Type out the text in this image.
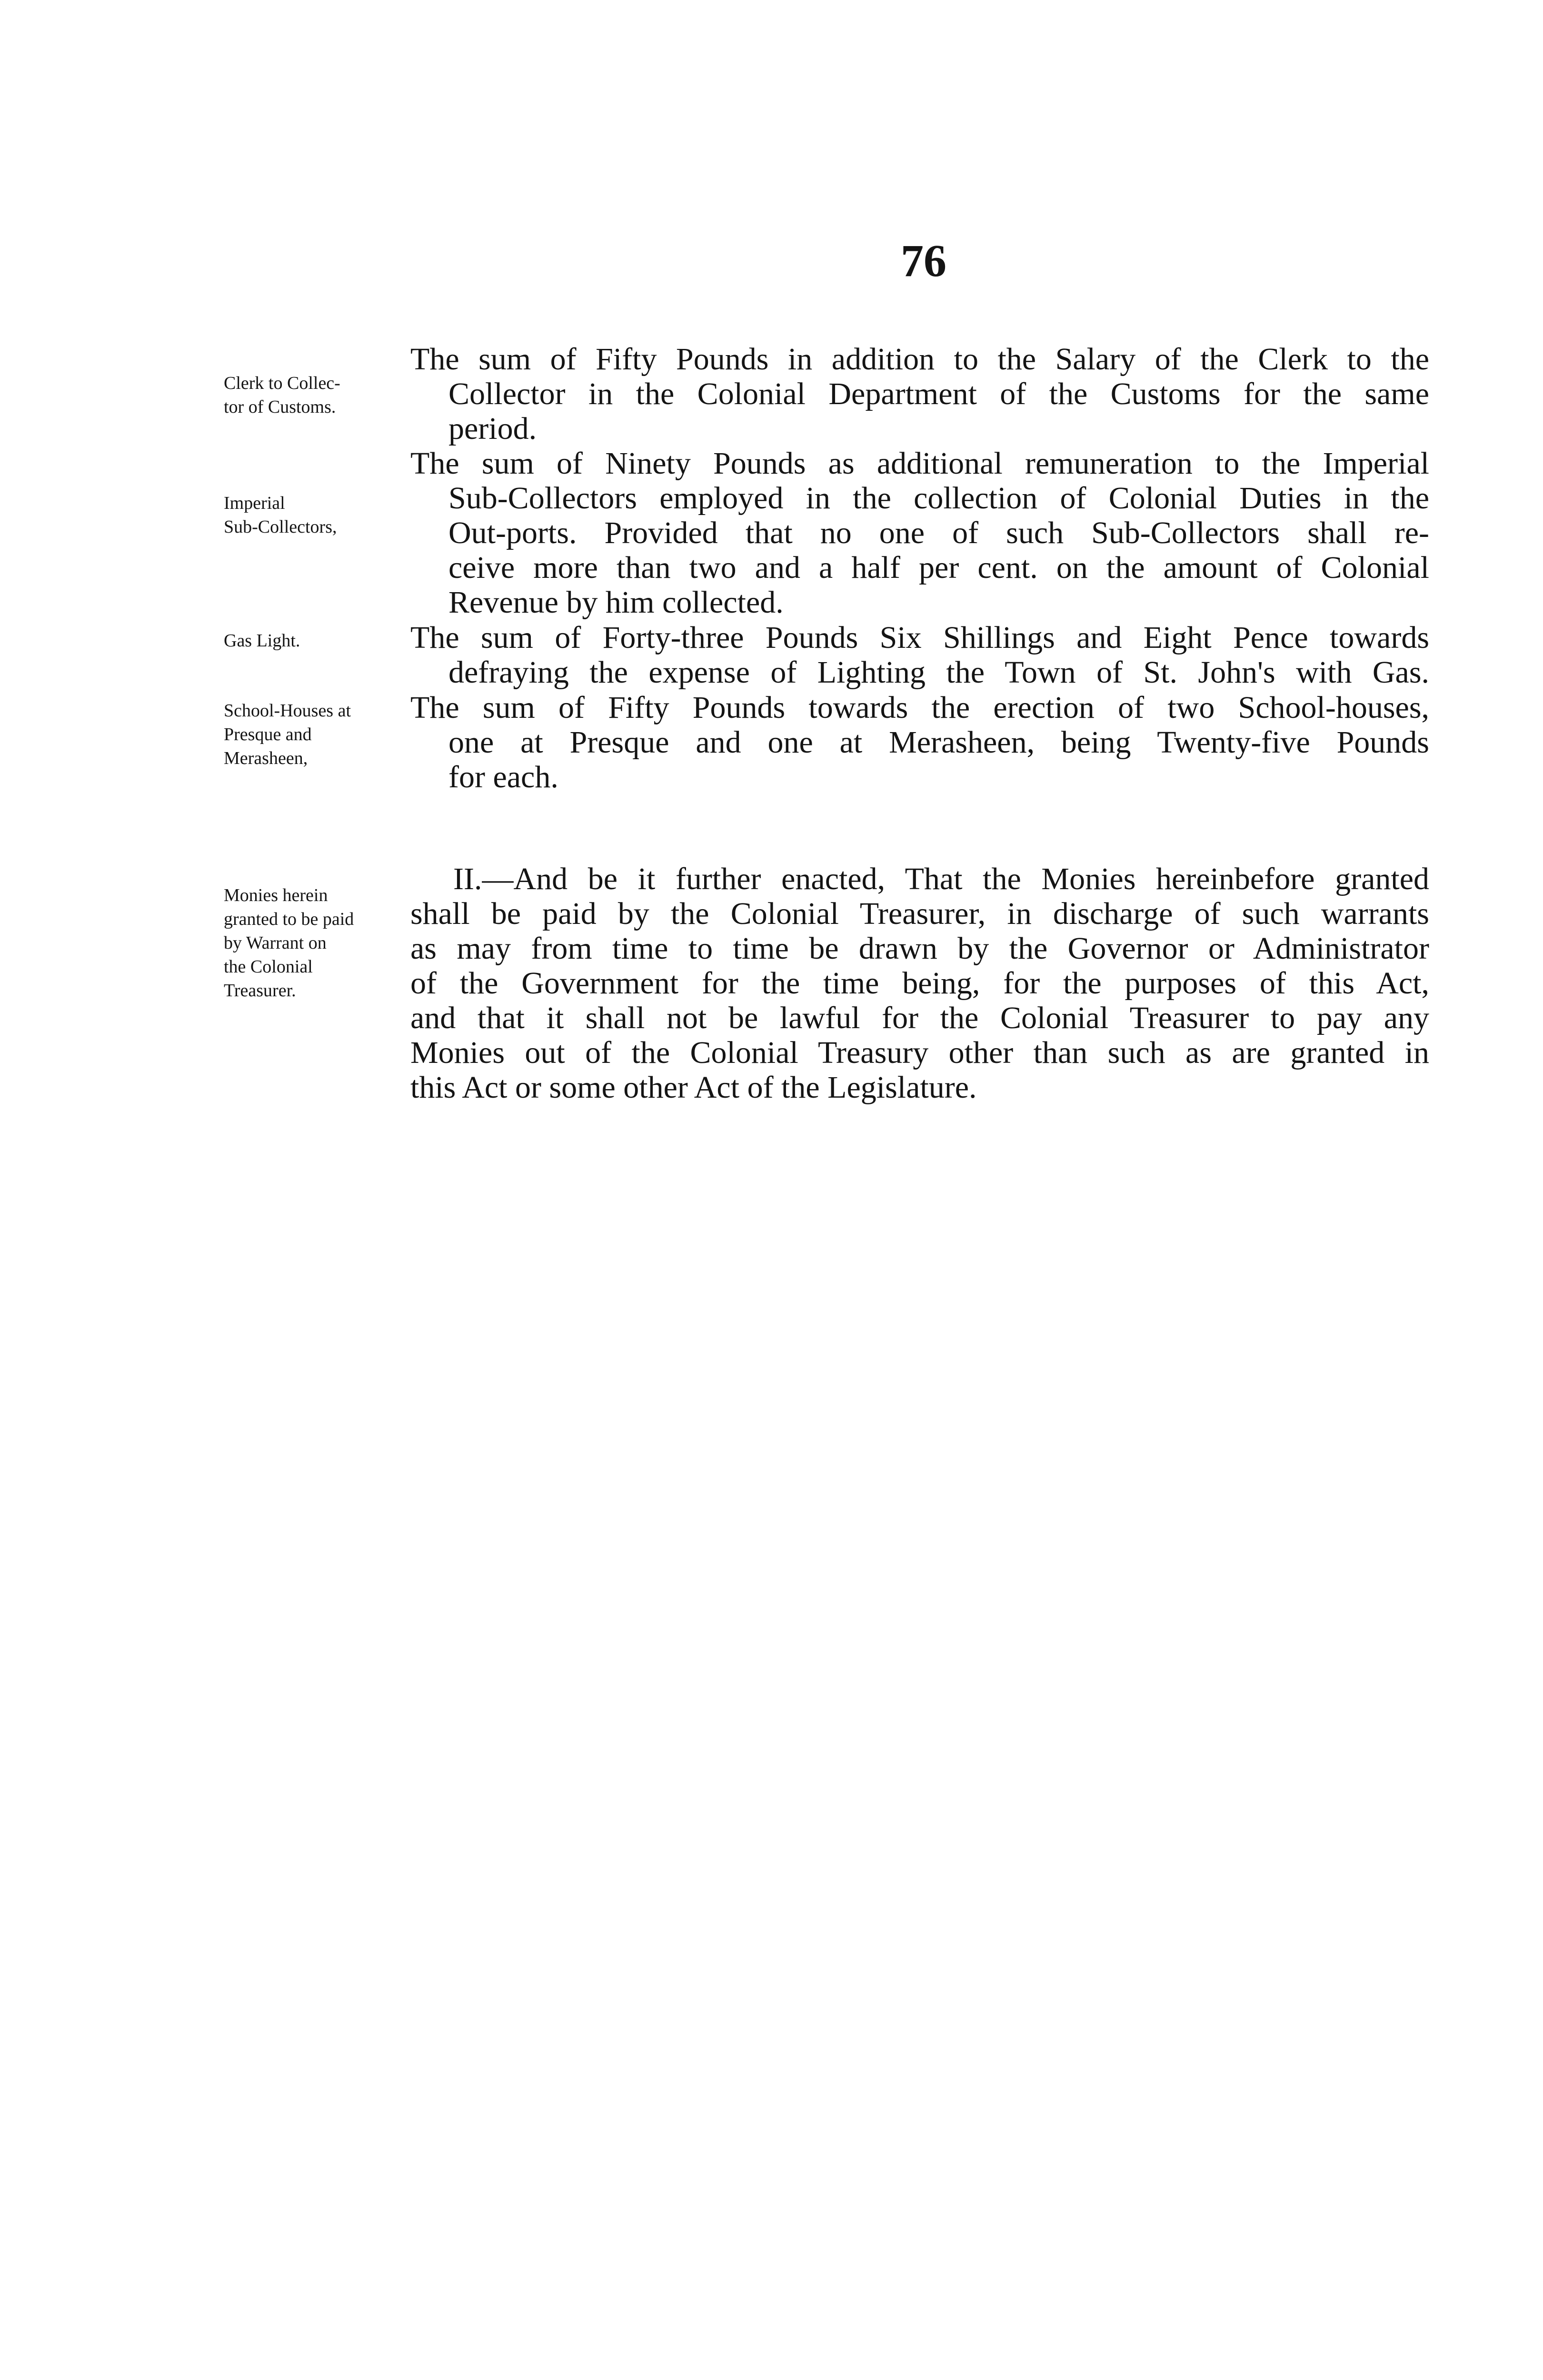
76
Clerk to Collec-
tor of Customs.
The sum of Fifty Pounds in addition to the Salary of the Clerk to the
Collector in the Colonial Department of the Customs for the same
period.
Imperial
Sub-Collectors,
The sum of Ninety Pounds as additional remuneration to the Imperial
Sub-Collectors employed in the collection of Colonial Duties in the
Out-ports. Provided that no one of such Sub-Collectors shall re-
ceive more than two and a half per cent. on the amount of Colonial
Revenue by him collected.
Gas Light.	The sum of Forty-three Pounds Six Shillings and Eight Pence towards
defraying the expense of Lighting the Town of St. John's with Gas.
School-Houses at
Presque and
Merasheen,
The sum of Fifty Pounds towards the erection of two School-houses,
one at Presque and one at Merasheen, being Twenty-five Pounds
for each.
Monies herein
granted to be paid
by Warrant on
the Colonial
Treasurer.
II.—And be it further enacted, That the Monies hereinbefore granted
shall be paid by the Colonial Treasurer, in discharge of such warrants
as may from time to time be drawn by the Governor or Administrator
of the Government for the time being, for the purposes of this Act,
and that it shall not be lawful for the Colonial Treasurer to pay any
Monies out of the Colonial Treasury other than such as are granted in
this Act or some other Act of the Legislature.
